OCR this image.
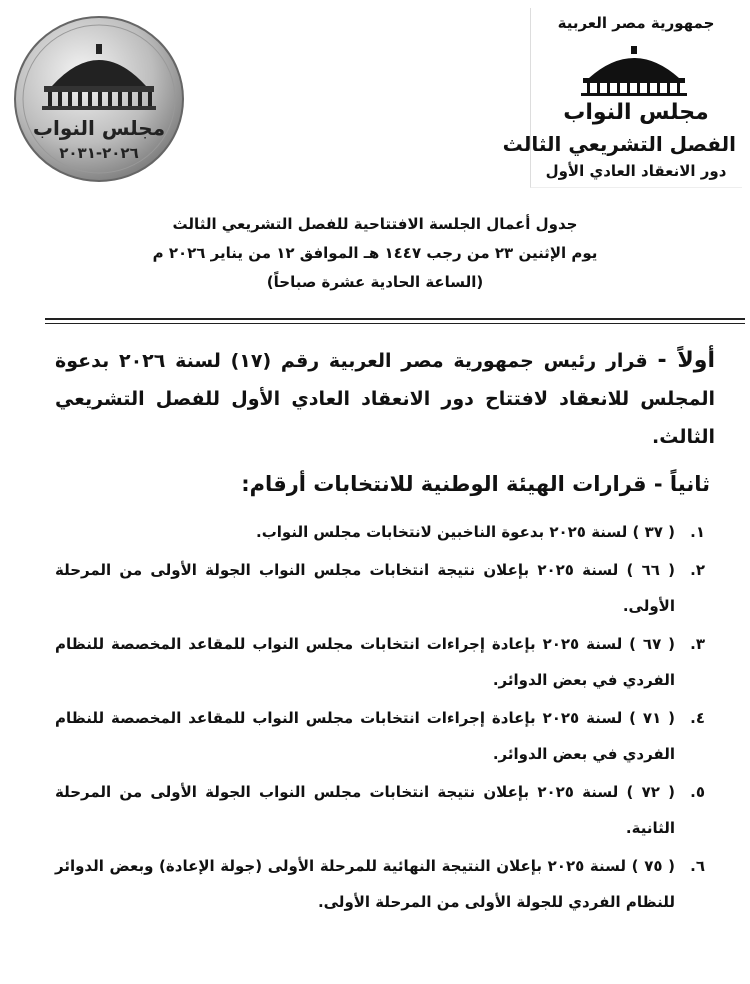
مجلس النواب
٢٠٢٦-٢٠٣١
جمهورية مصر العربية
مجلس النواب
الفصل التشريعي الثالث
دور الانعقاد العادي الأول
جدول أعمال الجلسة الافتتاحية للفصل التشريعي الثالث
يوم الإثنين ٢٣ من رجب ١٤٤٧ هـ الموافق ١٢ من يناير ٢٠٢٦ م
(الساعة الحادية عشرة صباحاً)
أولاً - قرار رئيس جمهورية مصر العربية رقم (١٧) لسنة ٢٠٢٦ بدعوة المجلس للانعقاد لافتتاح دور الانعقاد العادي الأول للفصل التشريعي الثالث.
ثانياً - قرارات الهيئة الوطنية للانتخابات أرقام:
١.
( ٣٧ ) لسنة ٢٠٢٥ بدعوة الناخبين لانتخابات مجلس النواب.
٢.
( ٦٦ ) لسنة ٢٠٢٥ بإعلان نتيجة انتخابات مجلس النواب الجولة الأولى من المرحلة الأولى.
٣.
( ٦٧ ) لسنة ٢٠٢٥ بإعادة إجراءات انتخابات مجلس النواب للمقاعد المخصصة للنظام الفردي في بعض الدوائر.
٤.
( ٧١ ) لسنة ٢٠٢٥ بإعادة إجراءات انتخابات مجلس النواب للمقاعد المخصصة للنظام الفردي في بعض الدوائر.
٥.
( ٧٢ ) لسنة ٢٠٢٥ بإعلان نتيجة انتخابات مجلس النواب الجولة الأولى من المرحلة الثانية.
٦.
( ٧٥ ) لسنة ٢٠٢٥ بإعلان النتيجة النهائية للمرحلة الأولى (جولة الإعادة) وبعض الدوائر للنظام الفردي للجولة الأولى من المرحلة الأولى.
